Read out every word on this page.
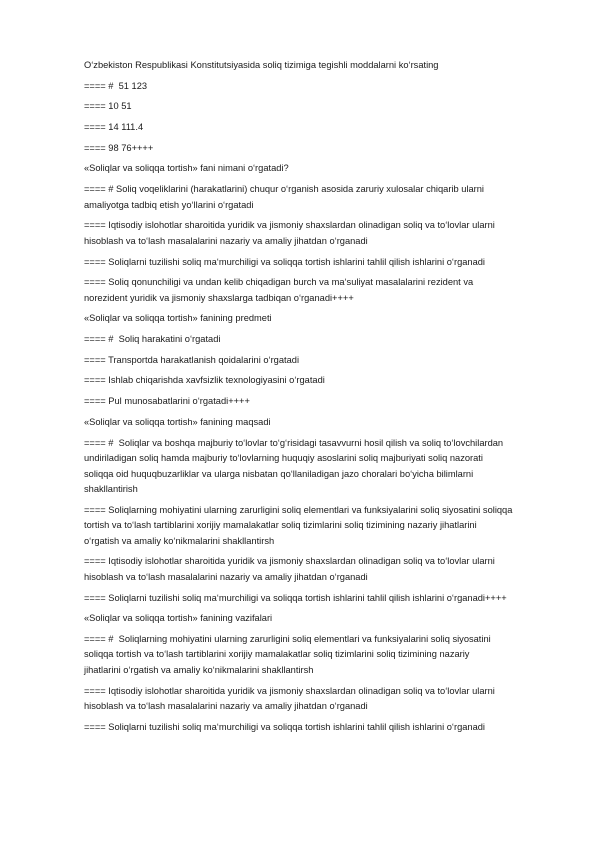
O‘zbekiston Respublikasi Konstitutsiyasida soliq tizimiga tegishli moddalarni ko‘rsating

==== #  51 123

==== 10 51

==== 14 111.4

==== 98 76++++

«Soliqlar va soliqqa tortish» fani nimani o‘rgatadi?

==== # Soliq voqeliklarini (harakatlarini) chuqur o‘rganish asosida zaruriy xulosalar chiqarib ularni
amaliyotga tadbiq etish yo‘llarini o‘rgatadi

==== Iqtisodiy islohotlar sharoitida yuridik va jismoniy shaxslardan olinadigan soliq va to‘lovlar ularni
hisoblash va to‘lash masalalarini nazariy va amaliy jihatdan o‘rganadi

==== Soliqlarni tuzilishi soliq ma‘murchiligi va soliqqa tortish ishlarini tahlil qilish ishlarini o‘rganadi

==== Soliq qonunchiligi va undan kelib chiqadigan burch va ma‘suliyat masalalarini rezident va
norezident yuridik va jismoniy shaxslarga tadbiqan o‘rganadi++++

«Soliqlar va soliqqa tortish» fanining predmeti

==== #  Soliq harakatini o‘rgatadi

==== Transportda harakatlanish qoidalarini o‘rgatadi

==== Ishlab chiqarishda xavfsizlik texnologiyasini o‘rgatadi

==== Pul munosabatlarini o‘rgatadi++++

«Soliqlar va soliqqa tortish» fanining maqsadi

==== #  Soliqlar va boshqa majburiy to‘lovlar to‘g‘risidagi tasavvurni hosil qilish va soliq to‘lovchilardan
undiriladigan soliq hamda majburiy to‘lovlarning huquqiy asoslarini soliq majburiyati soliq nazorati
soliqqa oid huquqbuzarliklar va ularga nisbatan qo‘llaniladigan jazo choralari bo‘yicha bilimlarni
shakllantirish

==== Soliqlarning mohiyatini ularning zarurligini soliq elementlari va funksiyalarini soliq siyosatini soliqqa
tortish va to‘lash tartiblarini xorijiy mamalakatlar soliq tizimlarini soliq tizimining nazariy jihatlarini
o‘rgatish va amaliy ko‘nikmalarini shakllantirsh

==== Iqtisodiy islohotlar sharoitida yuridik va jismoniy shaxslardan olinadigan soliq va to‘lovlar ularni
hisoblash va to‘lash masalalarini nazariy va amaliy jihatdan o‘rganadi

==== Soliqlarni tuzilishi soliq ma‘murchiligi va soliqqa tortish ishlarini tahlil qilish ishlarini o‘rganadi++++

«Soliqlar va soliqqa tortish» fanining vazifalari

==== #  Soliqlarning mohiyatini ularning zarurligini soliq elementlari va funksiyalarini soliq siyosatini
soliqqa tortish va to‘lash tartiblarini xorijiy mamalakatlar soliq tizimlarini soliq tizimining nazariy
jihatlarini o‘rgatish va amaliy ko‘nikmalarini shakllantirsh

==== Iqtisodiy islohotlar sharoitida yuridik va jismoniy shaxslardan olinadigan soliq va to‘lovlar ularni
hisoblash va to‘lash masalalarini nazariy va amaliy jihatdan o‘rganadi

==== Soliqlarni tuzilishi soliq ma‘murchiligi va soliqqa tortish ishlarini tahlil qilish ishlarini o‘rganadi
